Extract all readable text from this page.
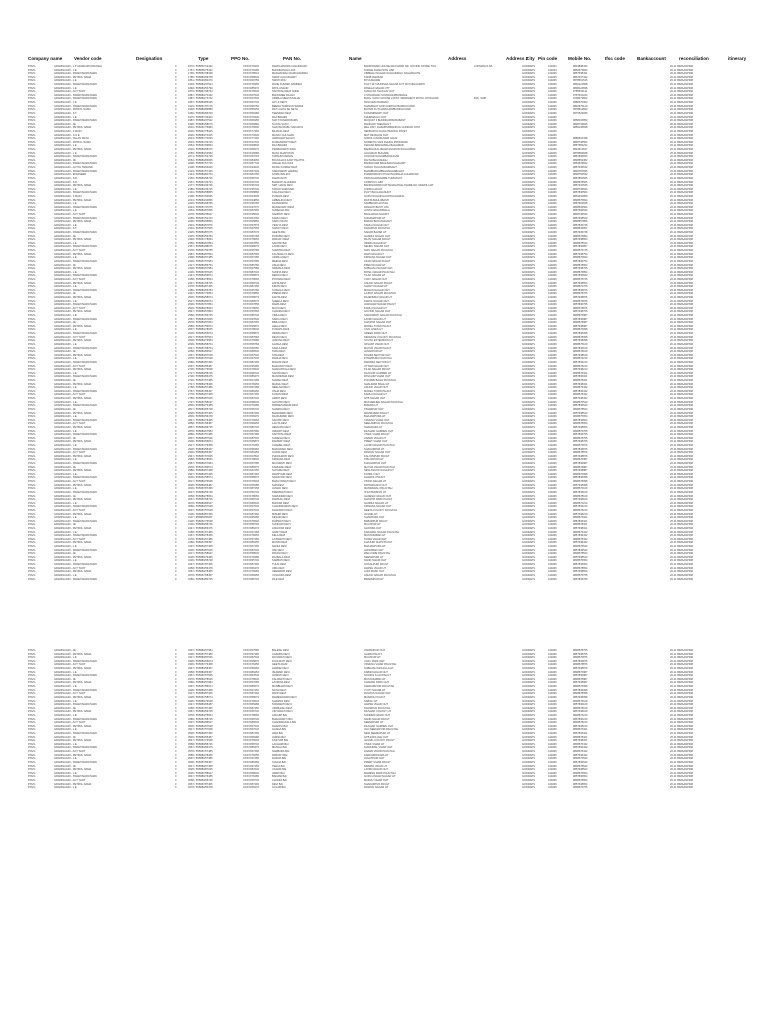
Company name	Vendor code	Designation	Type	PPO No.	PAN No.	Name	Address	Address 2
City Pin code Mobile No.	Ifsc code	Bankaccount	reconciliation	itinerary
PNVG	GRADINAGRI - L.P ADHIKARY(PANVEL)	F	1570 / 555857/13432	XXXXX7934X	RAMCHANDRA CHAUDHARY	BANDOWARI HOUSE,RAICHAND NR. GOVIND STORE TOLI	LOKMANYA NA	GODRAPS	410201	9834838430	20-11 BIMAANPRM
PNVG	GRADINAGRI - L.E	F	1757 / 555855/75432	XXXXX7648X	BHONDANGA LATA	SUDGE DHAM NITE HSP	GODRAPS	410204	9850573843	20-11 BIMAANPRM
PNVG	GRADINAGRI - SWAMI MARATHWA	F	1796 / 555857/38438	XXXXX7851X	MADHAVRAO RAMCHANDRA	VIRBHAU NAGAR GUHAUNDHU NAGARGUTE	GODRAPS	410205	9857538431	20-11 BIMAANPRM
PNVG	GRADINAGRI - PETROL NAMA	F	1785 / 555883/99758	XXXXX5853X	SWAP CHOUDHARY	KNOB RAMKAR	GODRAPS	410205	9857637432	20-11 BIMAANPRM
PNVG	GRADINAGRI - L.E	F	1861 / 555933/84373	XXXXX6975X	SWATI ROU	BYGUDAARE	GODRAPS	410205	9578561515	20-11 BIMAANPRM
PNVG	GRADINAGRI - SWAMI MARATHWA	F	1918 / 555884/37524	XXXXX7835X	RANE KUMARI NAMDEO	PLOT 447 MUNISHA NAGAR LOT NO.5 BHAGWATI	GODRAPS	410206	9830121808	20-11 BIMAANPRM
PNVG	GRADINAGRI - L.E	F	1848 / 555883/56790	XXXXX8537X	PATIL ANAND	PANELA NAGAR OTT	GODRAPS	410206	9838124838	20-11 BIMAANPRM
PNVG	GRADINAGRI - ACT THOT	F	1879 / 555857/38734	XXXXX7653X	SANTOSH DEVI ANDE	SUKHI RA THAKLAV OUT	GODRAPS	410206	9785633114	20-11 BIMAANPRM
PNVG	GRADINAGRI - SWAMI MARATHWA	F	1887 / 555883/73342	XXXXX6754X	BHOOMEE RAJAN	3 STRADHAN SUVIDHAN/BANDALE	GODRAPS	410206	9757615243	20-11 BIMAANPRM
PNVG	GRADINAGRI - SWAMI MARATHWA	F	1887 / 555883/73742	XXXXX6754X	URMILA MEHTA/SALVE	BLDG. DANVI HOUSE 2,DIST. SWADHENT MUTHI JAYNAGAR	BLK. SWP	GODRAPS	410206	9738473822	20-11 BIMAANPRM
PNVG	GRADINAGRI - L.E	F	1897 / 555883/85325	XXXXX6374X	LIPI JI KENT	NOH DHM RAMHAN	GODRAPS	410206	9880576363	20-11 BIMAANPRM
PNVG	GRADINAGRI - SWAMI MARATHWA	F	1915 / 555857/97175	XXXXX6575X	BEENA TURKSAN SWAMI	SHAMSHAT GOR GORPUA BANIKHUVARI	GODRAPS	410206	9832575143	20-11 BIMAANPRM
PNVG	GRADINAGRI - PATROL NAMA	F	1948 / 555883/86880	XXXXX5535X	RAT LALITA KE SETH	BOYER KUTCHNAGARI/BANIKHUVARI	GODRAPS	410206	9578514832	20-11 BIMAANPRM
PNVG	GRADINAGRI - S.T.	F	1966 / 555956/86760	XXXXX6648X	TEENRAN DEVI	KOSAMPARATI OHT	GODRAPS	410206	9570523936	20-11 BIMAANPRM
PNVG	GRADINAGRI - L.E	F	1975 / 555857/42463	XXXXX7633X	RAJ BIDHINI	KHURMAALO HOT	GODRAPS	410206	20-11 BIMAANPRM
PNVG	GRADINAGRI - SWAMI MARATHWA	F	1987 / 555883/37542	XXXXX6635X	SUKT KUMARI BAMS	MUQUAT 3 BHONDARISORABAST	GODRAPS	410206	9858015853	20-11 BIMAANPRM
PNVG	GRADINAGRI - JE	F	1996 / 555883/68676	XXXXX6686X	SUJITA SAXO	RANDARI THEMAUGT	GODRAPS	410206	9838733846	20-11 BIMAANPRM
PNVG	GRADINAGRI - PETROL NAMA	F	2016 / 555957/76983	XXXXX7653X	SHAYAM BABU SAKARYA	MEL DIST. DHAMPURBANKAG GUNDAR. DIST	GODRAPS	410206	9856135838	20-11 BIMAANPRM
PNVG	GRADINAGRI - F MAIN	F	2026 / 555957/78345	XXXXX7735X	BAJANG DEVI	SENDARYA FAUGUTEANCH PAVET	GODRAPS	410206	20-11 BIMAANPRM
PNVG	GRADINAGRI - S.O.E	F	2036 / 555883/74325	XXXXX7344X	MANJU GULSHAN	MAT RE BHUAI OHT	GODRAPS	410206	20-11 BIMAANPRM
PNVG	GRADINAGRI - TELAN MATH	F	2043 / 555857/74645	XXXXX7746X	VARDHAM SHALVI	GIDIOLI ANOKHVARI GALM	GODRAPS	410206	9885816438	20-11 BIMAANPRM
PNVG	GRADINAGRI - PATROL NAMA	F	2045 / 555957/33745	XXXXX3374X	DURGAWANTI DEVI	SOMENYA VANI DHUKH PMUNAGRI	GODRAPS	410206	9838736564	20-11 BIMAANPRM
PNVG	GRADINAGRI - L.E	F	2054 / 555957/69834	XXXXX6984X	RAJ BIDHINI	TEKANA BANGHBALI BAGHMAR	GODRAPS	410206	9857583232	20-11 BIMAANPRM
PNVG	GRADINAGRI - PETROL NAMA	F	2026 / 555883/68376	XXXXX6837X	PRABHAWATI SING	BANDHAKAL BHAM ANGRON SUGAUMAR	GODRAPS	410206	9834514637	20-11 BIMAANPRM
PNVG	GRADINAGRI - L.E	F	2065 / 555883/16583	XXXXX1658X	MANJ DHAPOTAN	GOLMAUD BUGARE	GODRAPS	410206	9878584848	20-11 BIMAANPRM
PNVG	GRADINAGRI - SWAMI MARATHWA	F	2071 / 555857/53746	XXXXX5374X	TABSUM FARHIN	ULNUAR NAGARBADAHGAR	GODRAPS	410206	9857836834	20-11 BIMAANPRM
PNVG	GRADINAGRI - JE	F	2084 / 555883/84655	XXXXX8465X	BOUCHAYA KANT PAHTTA	RAITH BHUANHGH	GODRAPS	410206	9838554382	20-11 BIMAANPRM
PNVG	GRADINAGRI - SWAMI MARATHWA	F	2098 / 555857/57745	XXXXX5774X	AWALE SULOCHI	BANDHUARI BAGHMAUNAHGART	GODRAPS	410206	9854578832	20-11 BIMAANPRM
PNVG	GRADINAGRI - ACTOL TEMAND	F	2108 / 555883/34646	XXXXX3464X	RATAN KUMAR DEVI	SUKHU THUAN BHIMSAHT	GODRAPS	410206	9857636632	20-11 BIMAANPRM
PNVG	GRADINAGRI - SWAMI MARATHWA	F	2123 / 555957/57436	XXXXX5743X	SARASWATI HAMDHI	BHAMBURAUBNGHMAHABAHAT	GODRAPS	410206	9836787845	20-11 BIMAANPRM
PNVG	GRADINAGRI - ENGINEER	F	2144 / 555883/84763	XXXXX8476X	SOMA WALIKO	PHARWARUPU PUANTHAMAHA GUHANKAR	GODRAPS	410206	9838753532	20-11 BIMAANPRM
PNVG	GRADINAGRI - S.R.	F	2155 / 555883/58735	XXXXX5873X	DAMAYANTI	PRAYAGARNAMDE TUMNAUKT	GODRAPS	410206	9857862565	20-11 BIMAANPRM
PNVG	GRADINAGRI - S.R.	F	2167 / 555957/26734	XXXXX2673X	BHARATI ALHUDDH	COMPOU LGBT	GODRAPS	410206	9838578565	20-11 BIMAANPRM
PNVG	GRADINAGRI - PETROL NAMA	F	2177 / 555883/36746	XXXXX3674X	SMT. HAVAI DEVI	BANDHOWARI DATTANAGATHE ASHRE NO. DHEPIL HAT	GODRAPS	410206	9857332545	20-11 BIMAANPRM
PNVG	GRADINAGRI - L.E	F	2189 / 555883/35745	XXXXX3574X	TARAN SAROVER	LODRA HAUGT	GODRAPS	410206	9838736834	20-11 BIMAANPRM
PNVG	GRADINAGRI - SWAMI MARATHWA	F	2194 / 555883/58865	XXXXX5886X	KAILASHI DEVI	PLOT BHULAHANHGT	GODRAPS	410206	9857836564	20-11 BIMAANPRM
PNVG	GRADINAGRI - F MAIN	F	2198 / 555957/64535	XXXXX6453X	PUSHPA DEVI	GURU NAGAR HAUNTHAGARHG	GODRAPS	410206	9854632858	20-11 BIMAANPRM
PNVG	GRADINAGRI - PETROL NAMA	F	2213 / 555883/34856	XXXXX3485X	AMBALIKA DEVI	RASTA BHULABASTI	GODRAPS	410206	9838575834	20-11 BIMAANPRM
PNVG	GRADINAGRI - L.E	F	2236 / 555883/98785	XXXXX9878X	RAJNANDINI	SAMBHAR HAUTAH	GODRAPS	410206	9857663845	20-11 BIMAANPRM
PNVG	GRADINAGRI - SWAMI MARATHWA	F	2243 / 555857/47675	XXXXX4767X	MANAKWATI DEVI	PANHATI BASTI HTA	GODRAPS	410206	9838532564	20-11 BIMAANPRM
PNVG	GRADINAGRI - L.E	F	2263 / 555883/87956	XXXXX8795X	SUREKHA BAI	JANTA NAGARIWALA	GODRAPS	410206	9857582534	20-11 BIMAANPRM
PNVG	GRADINAGRI - ACT THOT	F	2278 / 555883/35647	XXXXX3564X	SAMPATI DEVI	BAGHADHA NAGRIT	GODRAPS	410206	9838736534	20-11 BIMAANPRM
PNVG	GRADINAGRI - SWAMI MARATHWA	F	2285 / 555957/54763	XXXXX5476X	KAMLA DEVI	SUDAMAPURI HT	GODRAPS	410206	9857638543	20-11 BIMAANPRM
PNVG	GRADINAGRI - PETROL NAMA	F	2296 / 555883/65856	XXXXX6585X	SAROJ RANI	BARAH BHUANHGAHT	GODRAPS	410206	9838557856	20-11 BIMAANPRM
PNVG	GRADINAGRI - L.E	F	2304 / 555883/57876	XXXXX5787X	VIDHYA DEVI	KAMLA NAGAR OHT	GODRAPS	410206	9857836745	20-11 BIMAANPRM
PNVG	GRADINAGRI - S.T.	F	2316 / 555957/67565	XXXXX6756X	SHANTI DEVI	DHAMPUR PAUGTAH	GODRAPS	410206	9838546857	20-11 BIMAANPRM
PNVG	GRADINAGRI - SWAMI MARATHWA	F	2325 / 555883/87675	XXXXX8767X	GEETA BAI	SADAR BAZAR HT	GODRAPS	410206	9857635748	20-11 BIMAANPRM
PNVG	GRADINAGRI - JE	F	2335 / 555883/56784	XXXXX5678X	RUKMINI DEVI	GANDHI NAGAR OHT	GODRAPS	410206	9838576854	20-11 BIMAANPRM
PNVG	GRADINAGRI - PETROL NAMA	F	2348 / 555957/78654	XXXXX7865X	PARVATI DEVI	RAJIV NAGAR PAUGT	GODRAPS	410206	9857638653	20-11 BIMAANPRM
PNVG	GRADINAGRI - L.E	F	2356 / 555883/67854	XXXXX6785X	SAVITRI BAI	INDIRA NAGAR HT	GODRAPS	410206	9838578643	20-11 BIMAANPRM
PNVG	GRADINAGRI - SWAMI MARATHWA	F	2367 / 555883/98675	XXXXX9867X	LAXMI DEVI	NEHRU NAGAR OHT	GODRAPS	410206	9857836857	20-11 BIMAANPRM
PNVG	GRADINAGRI - ACT THOT	F	2378 / 555957/56785	XXXXX5678X	SUMITRA DEVI	SHIV NAGAR PAUGTAH	GODRAPS	410206	9838576745	20-11 BIMAANPRM
PNVG	GRADINAGRI - PETROL NAMA	F	2387 / 555883/87564	XXXXX8756X	KAUSHALYA DEVI	RAM NAGAR HT	GODRAPS	410206	9857638754	20-11 BIMAANPRM
PNVG	GRADINAGRI - L.E	F	2398 / 555883/67485	XXXXX6748X	URMILA DEVI	KRISHNA NAGAR OHT	GODRAPS	410206	9838576843	20-11 BIMAANPRM
PNVG	GRADINAGRI - SWAMI MARATHWA	F	2406 / 555957/57684	XXXXX5768X	MEENA DEVI	AZAD NAGAR PAUGT	GODRAPS	410206	9857836754	20-11 BIMAANPRM
PNVG	GRADINAGRI - JE	F	2417 / 555883/86754	XXXXX8675X	ASHA DEVI	PREM NAGAR HT	GODRAPS	410206	9838578654	20-11 BIMAANPRM
PNVG	GRADINAGRI - PETROL NAMA	F	2428 / 555883/67584	XXXXX6758X	NIRMALA DEVI	SUBHASH NAGAR OHT	GODRAPS	410206	9857638765	20-11 BIMAANPRM
PNVG	GRADINAGRI - L.E	F	2436 / 555957/87645	XXXXX8764X	SUNITA DEVI	PATEL NAGAR PAUGTAH	GODRAPS	410206	9838576854	20-11 BIMAANPRM
PNVG	GRADINAGRI - SWAMI MARATHWA	F	2447 / 555883/56874	XXXXX5687X	REKHA DEVI	TILAK NAGAR HT	GODRAPS	410206	9857836843	20-11 BIMAANPRM
PNVG	GRADINAGRI - ACT THOT	F	2458 / 555883/78564	XXXXX7856X	POONAM DEVI	VIJAY NAGAR OHT	GODRAPS	410206	9838578745	20-11 BIMAANPRM
PNVG	GRADINAGRI - PETROL NAMA	F	2467 / 555957/68745	XXXXX6874X	ANITA DEVI	ASHOK NAGAR PAUGT	GODRAPS	410206	9857638654	20-11 BIMAANPRM
PNVG	GRADINAGRI - L.E	F	2478 / 555883/87465	XXXXX8746X	KIRAN DEVI	SHANTI NAGAR HT	GODRAPS	410206	9838576765	20-11 BIMAANPRM
PNVG	GRADINAGRI - SWAMI MARATHWA	F	2486 / 555883/65784	XXXXX6578X	SUSHILA DEVI	MOHAN NAGAR OHT	GODRAPS	410206	9857836876	20-11 BIMAANPRM
PNVG	GRADINAGRI - JE	F	2497 / 555957/76854	XXXXX7685X	PREMA DEVI	LAJPAT NAGAR PAUGTAH	GODRAPS	410206	9838578765	20-11 BIMAANPRM
PNVG	GRADINAGRI - PETROL NAMA	F	2506 / 555883/58674	XXXXX5867X	KANTA DEVI	RAJENDRA NAGAR HT	GODRAPS	410206	9857638876	20-11 BIMAANPRM
PNVG	GRADINAGRI - L.E	F	2517 / 555883/86574	XXXXX8657X	SHEELA DEVI	KAROL NAGAR OHT	GODRAPS	410206	9838576876	20-11 BIMAANPRM
PNVG	GRADINAGRI - SWAMI MARATHWA	F	2528 / 555957/67854	XXXXX6785X	RAMA DEVI	JAWAHAR NAGAR PAUGT	GODRAPS	410206	9857836765	20-11 BIMAANPRM
PNVG	GRADINAGRI - ACT THOT	F	2536 / 555883/78654	XXXXX7865X	MAYA DEVI	KAMLA NAGAR HT	GODRAPS	410206	9838578876	20-11 BIMAANPRM
PNVG	GRADINAGRI - PETROL NAMA	F	2547 / 555883/57864	XXXXX5786X	CHANDA DEVI	GOVIND NAGAR OHT	GODRAPS	410206	9857638765	20-11 BIMAANPRM
PNVG	GRADINAGRI - L.E	F	2558 / 555957/86745	XXXXX8674X	VIMLA DEVI	SARASWATI NAGAR PAUGTAH	GODRAPS	410206	9838576987	20-11 BIMAANPRM
PNVG	GRADINAGRI - SWAMI MARATHWA	F	2567 / 555883/67845	XXXXX6784X	SAROJ DEVI	LAXMI NAGAR HT	GODRAPS	410206	9857836987	20-11 BIMAANPRM
PNVG	GRADINAGRI - JE	F	2578 / 555883/87654	XXXXX8765X	BIMLA DEVI	SHASTRI NAGAR OHT	GODRAPS	410206	9838578987	20-11 BIMAANPRM
PNVG	GRADINAGRI - PETROL NAMA	F	2586 / 555957/56874	XXXXX5687X	LEELA DEVI	MODEL TOWN PAUGT	GODRAPS	410206	9857638987	20-11 BIMAANPRM
PNVG	GRADINAGRI - L.E	F	2597 / 555883/78645	XXXXX7864X	PUSHPA RANI	CIVIL LINES HT	GODRAPS	410206	9838576098	20-11 BIMAANPRM
PNVG	GRADINAGRI - SWAMI MARATHWA	F	2606 / 555883/65874	XXXXX6587X	INDIRA DEVI	GREEN PARK OHT	GODRAPS	410206	9857836098	20-11 BIMAANPRM
PNVG	GRADINAGRI - ACT THOT	F	2617 / 555957/87564	XXXXX8756X	DEVKI DEVI	DEFENCE COLONY PAUGTAH	GODRAPS	410206	9838578098	20-11 BIMAANPRM
PNVG	GRADINAGRI - PETROL NAMA	F	2628 / 555883/76584	XXXXX7658X	JAMUNA DEVI	SOUTH EXTENSION HT	GODRAPS	410206	9857638098	20-11 BIMAANPRM
PNVG	GRADINAGRI - L.E	F	2636 / 555883/58764	XXXXX5876X	GANGA DEVI	VASANT VIHAR OHT	GODRAPS	410206	9838576109	20-11 BIMAANPRM
PNVG	GRADINAGRI - SWAMI MARATHWA	F	2647 / 555957/68754	XXXXX6875X	SARLA DEVI	MAYUR VIHAR PAUGT	GODRAPS	410206	9857836109	20-11 BIMAANPRM
PNVG	GRADINAGRI - JE	F	2658 / 555883/86547	XXXXX8654X	TARA DEVI	JANAKPURI HT	GODRAPS	410206	9838578109	20-11 BIMAANPRM
PNVG	GRADINAGRI - PETROL NAMA	F	2667 / 555883/67548	XXXXX6754X	SITA DEVI	ROHINI SECTOR OHT	GODRAPS	410206	9857638109	20-11 BIMAANPRM
PNVG	GRADINAGRI - L.E	F	2678 / 555957/57648	XXXXX5764X	RADHA DEVI	PITAMPURA PAUGTAH	GODRAPS	410206	9838576210	20-11 BIMAANPRM
PNVG	GRADINAGRI - SWAMI MARATHWA	F	2686 / 555883/87456	XXXXX8745X	MOHINI DEVI	DWARKA SECTOR HT	GODRAPS	410206	9857836210	20-11 BIMAANPRM
PNVG	GRADINAGRI - ACT THOT	F	2697 / 555883/65487	XXXXX6548X	BHAGWATI DEVI	UTTAM NAGAR OHT	GODRAPS	410206	9838578210	20-11 BIMAANPRM
PNVG	GRADINAGRI - PETROL NAMA	F	2706 / 555957/76548	XXXXX7654X	SHAKUNTALA DEVI	TILAK NAGAR PAUGT	GODRAPS	410206	9857638210	20-11 BIMAANPRM
PNVG	GRADINAGRI - L.E	F	2717 / 555883/58746	XXXXX5874X	SAVITA DEVI	RAJOURI GARDEN HT	GODRAPS	410206	9838576321	20-11 BIMAANPRM
PNVG	GRADINAGRI - SWAMI MARATHWA	F	2728 / 555883/86475	XXXXX8647X	MANORAMA DEVI	PASCHIM VIHAR OHT	GODRAPS	410206	9857836321	20-11 BIMAANPRM
PNVG	GRADINAGRI - JE	F	2736 / 555957/67485	XXXXX6748X	SUMAN DEVI	PUNJABI BAGH PAUGTAH	GODRAPS	410206	9838578321	20-11 BIMAANPRM
PNVG	GRADINAGRI - PETROL NAMA	F	2747 / 555883/78456	XXXXX7845X	MADHU DEVI	SHALIMAR BAGH HT	GODRAPS	410206	9857638321	20-11 BIMAANPRM
PNVG	GRADINAGRI - L.E	F	2758 / 555883/57486	XXXXX5748X	NEELAM DEVI	ASHOK VIHAR OHT	GODRAPS	410206	9838576432	20-11 BIMAANPRM
PNVG	GRADINAGRI - SWAMI MARATHWA	F	2767 / 555957/86457	XXXXX8645X	USHA DEVI	MODEL TOWN PAUGT	GODRAPS	410206	9857836432	20-11 BIMAANPRM
PNVG	GRADINAGRI - ACT THOT	F	2778 / 555883/67458	XXXXX6745X	KUSUM DEVI	KAMLA NAGAR HT	GODRAPS	410206	9838578432	20-11 BIMAANPRM
PNVG	GRADINAGRI - PETROL NAMA	F	2786 / 555883/87645	XXXXX8764X	AMRIT DEVI	GTB NAGAR OHT	GODRAPS	410206	9857638432	20-11 BIMAANPRM
PNVG	GRADINAGRI - L.E	F	2797 / 555957/58647	XXXXX5864X	GAYATRI DEVI	MUKHERJEE NAGAR PAUGTAH	GODRAPS	410206	9838576543	20-11 BIMAANPRM
PNVG	GRADINAGRI - SWAMI MARATHWA	F	2806 / 555883/76485	XXXXX7648X	PARMESHWARI DEVI	BURARI HT	GODRAPS	410206	9857836543	20-11 BIMAANPRM
PNVG	GRADINAGRI - JE	F	2817 / 555883/65748	XXXXX6574X	SHARDA DEVI	TIMARPUR OHT	GODRAPS	410206	9838578543	20-11 BIMAANPRM
PNVG	GRADINAGRI - PETROL NAMA	F	2828 / 555957/87465	XXXXX8746X	BHANWARI DEVI	WAZIRABAD PAUGT	GODRAPS	410206	9857638543	20-11 BIMAANPRM
PNVG	GRADINAGRI - L.E	F	2836 / 555883/56478	XXXXX5647X	RAJKUMARI DEVI	BHAJANPURA HT	GODRAPS	410206	9838576654	20-11 BIMAANPRM
PNVG	GRADINAGRI - SWAMI MARATHWA	F	2847 / 555883/78465	XXXXX7846X	SAVITRI DEVI	YAMUNA VIHAR OHT	GODRAPS	410206	9857836654	20-11 BIMAANPRM
PNVG	GRADINAGRI - ACT THOT	F	2858 / 555957/68457	XXXXX6845X	LALITA DEVI	SEELAMPUR PAUGTAH	GODRAPS	410206	9838578654	20-11 BIMAANPRM
PNVG	GRADINAGRI - PETROL NAMA	F	2867 / 555883/86745	XXXXX8674X	HEMLATA DEVI	SHAHDARA HT	GODRAPS	410206	9857638654	20-11 BIMAANPRM
PNVG	GRADINAGRI - L.E	F	2878 / 555883/67584	XXXXX6758X	OMWATI DEVI	DILSHAD GARDEN OHT	GODRAPS	410206	9838576765	20-11 BIMAANPRM
PNVG	GRADINAGRI - SWAMI MARATHWA	F	2886 / 555957/57486	XXXXX5748X	SANTOSH DEVI	VIVEK VIHAR PAUGT	GODRAPS	410206	9857836765	20-11 BIMAANPRM
PNVG	GRADINAGRI - JE	F	2897 / 555883/87546	XXXXX8754X	SUDESH DEVI	ANAND VIHAR HT	GODRAPS	410206	9838578765	20-11 BIMAANPRM
PNVG	GRADINAGRI - PETROL NAMA	F	2906 / 555883/65874	XXXXX6587X	RAMRATI DEVI	PREET VIHAR OHT	GODRAPS	410206	9857638765	20-11 BIMAANPRM
PNVG	GRADINAGRI - L.E	F	2917 / 555957/76458	XXXXX7645X	CHAMELI DEVI	LAXMI NAGAR PAUGTAH	GODRAPS	410206	9838576876	20-11 BIMAANPRM
PNVG	GRADINAGRI - SWAMI MARATHWA	F	2928 / 555883/58467	XXXXX5846X	BHAGWANI DEVI	SHAKARPUR HT	GODRAPS	410206	9857836876	20-11 BIMAANPRM
PNVG	GRADINAGRI - ACT THOT	F	2936 / 555883/86457	XXXXX8645X	GUDDI DEVI	PANDAV NAGAR OHT	GODRAPS	410206	9838578876	20-11 BIMAANPRM
PNVG	GRADINAGRI - PETROL NAMA	F	2947 / 555957/67845	XXXXX6784X	PHOOLWATI DEVI	KALYANPURI PAUGT	GODRAPS	410206	9857638876	20-11 BIMAANPRM
PNVG	GRADINAGRI - L.E	F	2958 / 555883/78546	XXXXX7854X	KRISHNA DEVI	TRILOKPURI HT	GODRAPS	410206	9838576987	20-11 BIMAANPRM
PNVG	GRADINAGRI - SWAMI MARATHWA	F	2967 / 555883/57684	XXXXX5768X	MAYAWATI DEVI	KHICHRIPUR OHT	GODRAPS	410206	9857836987	20-11 BIMAANPRM
PNVG	GRADINAGRI - JE	F	2978 / 555957/86574	XXXXX8657X	KAMLESH DEVI	MAYUR VIHAR PAUGTAH	GODRAPS	410206	9838578987	20-11 BIMAANPRM
PNVG	GRADINAGRI - PETROL NAMA	F	2986 / 555883/67458	XXXXX6745X	SHYAMA DEVI	NEW ASHOK NAGAR HT	GODRAPS	410206	9857638987	20-11 BIMAANPRM
PNVG	GRADINAGRI - L.E	F	2997 / 555883/87465	XXXXX8746X	RAMPYARI DEVI	KONDLI OHT	GODRAPS	410206	9838576098	20-11 BIMAANPRM
PNVG	GRADINAGRI - SWAMI MARATHWA	F	3006 / 555957/58674	XXXXX5867X	NARAYANI DEVI	GHAROLI PAUGT	GODRAPS	410206	9857836098	20-11 BIMAANPRM
PNVG	GRADINAGRI - ACT THOT	F	3017 / 555883/76548	XXXXX7654X	BHAGYAWATI DEVI	VINOD NAGAR HT	GODRAPS	410206	9838578098	20-11 BIMAANPRM
PNVG	GRADINAGRI - PETROL NAMA	F	3028 / 555883/65487	XXXXX6548X	SHIVDEVI	PATPARGANJ OHT	GODRAPS	410206	9857638098	20-11 BIMAANPRM
PNVG	GRADINAGRI - L.E	F	3036 / 555957/87456	XXXXX8745X	JANAKI DEVI	MANDAWALI PAUGTAH	GODRAPS	410206	9838576109	20-11 BIMAANPRM
PNVG	GRADINAGRI - SWAMI MARATHWA	F	3047 / 555883/56748	XXXXX5674X	PREMWATI DEVI	IP EXTENSION HT	GODRAPS	410206	9857836109	20-11 BIMAANPRM
PNVG	GRADINAGRI - JE	F	3058 / 555883/78654	XXXXX7865X	SAMUNDRI DEVI	GANESH NAGAR OHT	GODRAPS	410206	9838578109	20-11 BIMAANPRM
PNVG	GRADINAGRI - PETROL NAMA	F	3067 / 555957/68745	XXXXX6874X	RAMKALI DEVI	SHASTRI PARK PAUGT	GODRAPS	410206	9857638109	20-11 BIMAANPRM
PNVG	GRADINAGRI - L.E	F	3078 / 555883/86547	XXXXX8654X	BHOORI DEVI	GANDHI NAGAR HT	GODRAPS	410206	9838576210	20-11 BIMAANPRM
PNVG	GRADINAGRI - SWAMI MARATHWA	F	3086 / 555883/67548	XXXXX6754X	CHANDRAWATI DEVI	KRISHNA NAGAR OHT	GODRAPS	410206	9857836210	20-11 BIMAANPRM
PNVG	GRADINAGRI - ACT THOT	F	3097 / 555957/57648	XXXXX5764X	DHANWATI DEVI	GEETA COLONY PAUGTAH	GODRAPS	410206	9838578210	20-11 BIMAANPRM
PNVG	GRADINAGRI - PETROL NAMA	F	3106 / 555883/87456	XXXXX8745X	MISHRI DEVI	JHILMIL HT	GODRAPS	410206	9857638210	20-11 BIMAANPRM
PNVG	GRADINAGRI - L.E	F	3117 / 555883/65487	XXXXX6548X	KESAR DEVI	SHAHDARA OHT	GODRAPS	410206	9838576321	20-11 BIMAANPRM
PNVG	GRADINAGRI - SWAMI MARATHWA	F	3128 / 555957/76548	XXXXX7654X	RUPWATI DEVI	BABARPUR PAUGT	GODRAPS	410206	9857836321	20-11 BIMAANPRM
PNVG	GRADINAGRI - JE	F	3136 / 555883/58746	XXXXX5874X	SUNDARI DEVI	MAUJPUR HT	GODRAPS	410206	9838578321	20-11 BIMAANPRM
PNVG	GRADINAGRI - PETROL NAMA	F	3147 / 555883/86475	XXXXX8647X	ANGOORI DEVI	GHONDA OHT	GODRAPS	410206	9857638321	20-11 BIMAANPRM
PNVG	GRADINAGRI - L.E	F	3158 / 555957/67485	XXXXX6748X	GOMTI DEVI	KARAWAL NAGAR PAUGTAH	GODRAPS	410206	9838576432	20-11 BIMAANPRM
PNVG	GRADINAGRI - SWAMI MARATHWA	F	3167 / 555883/78456	XXXXX7845X	KELA DEVI	MUSTAFABAD HT	GODRAPS	410206	9857836432	20-11 BIMAANPRM
PNVG	GRADINAGRI - ACT THOT	F	3178 / 555883/57486	XXXXX5748X	LAJWANTI DEVI	SONIA VIHAR OHT	GODRAPS	410206	9838578432	20-11 BIMAANPRM
PNVG	GRADINAGRI - PETROL NAMA	F	3186 / 555957/86457	XXXXX8645X	MUNNI DEVI	KHAJURI KHAS PAUGT	GODRAPS	410206	9857638432	20-11 BIMAANPRM
PNVG	GRADINAGRI - L.E	F	3197 / 555883/67458	XXXXX6745X	NANHI DEVI	BHAJANPURA HT	GODRAPS	410206	9838576543	20-11 BIMAANPRM
PNVG	GRADINAGRI - SWAMI MARATHWA	F	3206 / 555883/87645	XXXXX8764X	OMI DEVI	JAFRABAD OHT	GODRAPS	410206	9857836543	20-11 BIMAANPRM
PNVG	GRADINAGRI - JE	F	3217 / 555957/58647	XXXXX5864X	PATASI DEVI	WELCOME PAUGTAH	GODRAPS	410206	9838578543	20-11 BIMAANPRM
PNVG	GRADINAGRI - PETROL NAMA	F	3228 / 555883/76485	XXXXX7648X	RAJBALA DEVI	SEEMAPURI HT	GODRAPS	410206	9857638543	20-11 BIMAANPRM
PNVG	GRADINAGRI - L.E	F	3236 / 555883/65748	XXXXX6574X	SARBATI DEVI	NAND NAGRI OHT	GODRAPS	410206	9838576654	20-11 BIMAANPRM
PNVG	GRADINAGRI - SWAMI MARATHWA	F	3247 / 555957/87465	XXXXX8746X	TULSI DEVI	GOKALPURI PAUGT	GODRAPS	410206	9857836654	20-11 BIMAANPRM
PNVG	GRADINAGRI - ACT THOT	F	3258 / 555883/56478	XXXXX5647X	UMA DEVI	HARSH VIHAR HT	GODRAPS	410206	9838578654	20-11 BIMAANPRM
PNVG	GRADINAGRI - PETROL NAMA	F	3267 / 555883/78465	XXXXX7846X	VEERWATI DEVI	LONI ROAD OHT	GODRAPS	410206	9857638654	20-11 BIMAANPRM
PNVG	GRADINAGRI - L.E	F	3278 / 555957/68457	XXXXX6845X	YASHODA DEVI	ASHOK NAGAR PAUGTAH	GODRAPS	410206	9838576765	20-11 BIMAANPRM
PNVG	GRADINAGRI - SWAMI MARATHWA	F	3286 / 555883/86745	XXXXX8674X	ZILE DEVI	BRAHMPURI HT	GODRAPS	410206	9857836765	20-11 BIMAANPRM
PNVG	GRADINAGRI - JE	F	3297 / 555883/67584	XXXXX6758X	BALESH DEVI	USMANPUR OHT	GODRAPS	410206	9838578765	20-11 BIMAANPRM
PNVG	GRADINAGRI - PETROL NAMA	F	3306 / 555957/57486	XXXXX5748X	CHAMPA DEVI	GAMRI PAUGT	GODRAPS	410206	9857638765	20-11 BIMAANPRM
PNVG	GRADINAGRI - L.E	F	3317 / 555883/87546	XXXXX8754X	DAYAWATI DEVI	MAUJPUR HT	GODRAPS	410206	9838576876	20-11 BIMAANPRM
PNVG	GRADINAGRI - SWAMI MARATHWA	F	3328 / 555883/65874	XXXXX6587X	FOOLMATI DEVI	VIJAY PARK OHT	GODRAPS	410206	9857836876	20-11 BIMAANPRM
PNVG	GRADINAGRI - ACT THOT	F	3336 / 555957/76458	XXXXX7645X	GEETA RANI	YAMUNA VIHAR PAUGTAH	GODRAPS	410206	9838578876	20-11 BIMAANPRM
PNVG	GRADINAGRI - PETROL NAMA	F	3347 / 555883/58467	XXXXX5846X	HARDEI DEVI	SUBHASH MOHALLA HT	GODRAPS	410206	9857638876	20-11 BIMAANPRM
PNVG	GRADINAGRI - L.E	F	3358 / 555883/86457	XXXXX8645X	ISHWARI DEVI	KABIR NAGAR OHT	GODRAPS	410206	9838576987	20-11 BIMAANPRM
PNVG	GRADINAGRI - SWAMI MARATHWA	F	3367 / 555957/67845	XXXXX6784X	JAIWATI DEVI	NOOR E ILAHI PAUGT	GODRAPS	410206	9857836987	20-11 BIMAANPRM
PNVG	GRADINAGRI - JE	F	3378 / 555883/78546	XXXXX7854X	KALAWATI DEVI	MUSTAFABAD HT	GODRAPS	410206	9838578987	20-11 BIMAANPRM
PNVG	GRADINAGRI - PETROL NAMA	F	3386 / 555883/57684	XXXXX5768X	LAXMINA DEVI	CHAMAN PARK OHT	GODRAPS	410206	9857638987	20-11 BIMAANPRM
PNVG	GRADINAGRI - L.E	F	3397 / 555957/86574	XXXXX8657X	MANBHARI DEVI	KARDAMPURI PAUGTAH	GODRAPS	410206	9838576098	20-11 BIMAANPRM
PNVG	GRADINAGRI - SWAMI MARATHWA	F	3406 / 555883/67458	XXXXX6745X	NATHI DEVI	JYOTI NAGAR HT	GODRAPS	410206	9857836098	20-11 BIMAANPRM
PNVG	GRADINAGRI - ACT THOT	F	3417 / 555883/87465	XXXXX8746X	PAPPI DEVI	ROHTAS NAGAR OHT	GODRAPS	410206	9838578098	20-11 BIMAANPRM
PNVG	GRADINAGRI - PETROL NAMA	F	3428 / 555957/58674	XXXXX5867X	RAMESHWARI DEVI	MANDOLI PAUGT	GODRAPS	410206	9857638098	20-11 BIMAANPRM
PNVG	GRADINAGRI - L.E	F	3436 / 555883/76548	XXXXX7654X	SHANNO DEVI	SABOLI HT	GODRAPS	410206	9838576109	20-11 BIMAANPRM
PNVG	GRADINAGRI - SWAMI MARATHWA	F	3447 / 555883/65487	XXXXX6548X	TARAWATI DEVI	HARSH VIHAR OHT	GODRAPS	410206	9857836109	20-11 BIMAANPRM
PNVG	GRADINAGRI - JE	F	3458 / 555957/87456	XXXXX8745X	URMILESH DEVI	TAHIRPUR PAUGTAH	GODRAPS	410206	9838578109	20-11 BIMAANPRM
PNVG	GRADINAGRI - PETROL NAMA	F	3467 / 555883/56748	XXXXX5674X	VIDYAWATI DEVI	DILSHAD COLONY HT	GODRAPS	410206	9857638109	20-11 BIMAANPRM
PNVG	GRADINAGRI - L.E	F	3478 / 555883/78654	XXXXX7865X	ANGURI BAI	SUNDER NAGRI OHT	GODRAPS	410206	9838576210	20-11 BIMAANPRM
PNVG	GRADINAGRI - SWAMI MARATHWA	F	3486 / 555957/68745	XXXXX6874X	BHAGWANTI BAI	NAND NAGRI PAUGT	GODRAPS	410206	9857836210	20-11 BIMAANPRM
PNVG	GRADINAGRI - ACT THOT	F	3497 / 555883/86547	XXXXX8654X	CHANDRAKALA BAI	SEEMAPURI HT	GODRAPS	410206	9838578210	20-11 BIMAANPRM
PNVG	GRADINAGRI - PETROL NAMA	F	3506 / 555883/67548	XXXXX6754X	DHAPPU BAI	DILSHAD GARDEN OHT	GODRAPS	410206	9857638210	20-11 BIMAANPRM
PNVG	GRADINAGRI - L.E	F	3517 / 555957/57648	XXXXX5764X	GANGA BAI	OLD SEEMAPURI PAUGTAH	GODRAPS	410206	9838576321	20-11 BIMAANPRM
PNVG	GRADINAGRI - SWAMI MARATHWA	F	3528 / 555883/87456	XXXXX8745X	HIRA BAI	NEW SEEMAPURI HT	GODRAPS	410206	9857836321	20-11 BIMAANPRM
PNVG	GRADINAGRI - JE	F	3536 / 555883/65487	XXXXX6548X	JAMNA BAI	GTB ENCLAVE OHT	GODRAPS	410206	9838578321	20-11 BIMAANPRM
PNVG	GRADINAGRI - PETROL NAMA	F	3547 / 555957/76548	XXXXX7654X	KASTURI BAI	JHILMIL COLONY PAUGT	GODRAPS	410206	9857638321	20-11 BIMAANPRM
PNVG	GRADINAGRI - L.E	F	3558 / 555883/58746	XXXXX5874X	LACHHMI BAI	VIVEK VIHAR HT	GODRAPS	410206	9838576432	20-11 BIMAANPRM
PNVG	GRADINAGRI - SWAMI MARATHWA	F	3567 / 555883/86475	XXXXX8647X	MANGLI BAI	SURAJMAL VIHAR OHT	GODRAPS	410206	9857836432	20-11 BIMAANPRM
PNVG	GRADINAGRI - ACT THOT	F	3578 / 555957/67485	XXXXX6748X	NARBADA BAI	ANAND VIHAR PAUGTAH	GODRAPS	410206	9838578432	20-11 BIMAANPRM
PNVG	GRADINAGRI - PETROL NAMA	F	3586 / 555883/78456	XXXXX7845X	PARVATI BAI	KARKARDOOMA HT	GODRAPS	410206	9857638432	20-11 BIMAANPRM
PNVG	GRADINAGRI - L.E	F	3597 / 555883/57486	XXXXX5748X	RUKMA BAI	JAGATPURI OHT	GODRAPS	410206	9838576543	20-11 BIMAANPRM
PNVG	GRADINAGRI - SWAMI MARATHWA	F	3606 / 555957/86457	XXXXX8645X	SUGNA BAI	PREET VIHAR PAUGT	GODRAPS	410206	9857836543	20-11 BIMAANPRM
PNVG	GRADINAGRI - JE	F	3617 / 555883/67458	XXXXX6745X	TEEJA BAI	NIRMAN VIHAR HT	GODRAPS	410206	9838578543	20-11 BIMAANPRM
PNVG	GRADINAGRI - PETROL NAMA	F	3628 / 555883/87645	XXXXX8764X	UGAMA BAI	LAXMI NAGAR OHT	GODRAPS	410206	9857638543	20-11 BIMAANPRM
PNVG	GRADINAGRI - L.E	F	3636 / 555957/58647	XXXXX5864X	VARDI BAI	RAMESH PARK PAUGTAH	GODRAPS	410206	9838576654	20-11 BIMAANPRM
PNVG	GRADINAGRI - SWAMI MARATHWA	F	3647 / 555883/76485	XXXXX7648X	BADAMI BAI	GURU ANGAD NAGAR HT	GODRAPS	410206	9857836654	20-11 BIMAANPRM
PNVG	GRADINAGRI - ACT THOT	F	3658 / 555883/65748	XXXXX6574X	CHUNNI BAI	MADHU VIHAR OHT	GODRAPS	410206	9838578654	20-11 BIMAANPRM
PNVG	GRADINAGRI - PETROL NAMA	F	3667 / 555957/87465	XXXXX8746X	DEVI BAI	SHAKARPUR PAUGT	GODRAPS	410206	9857638654	20-11 BIMAANPRM
PNVG	GRADINAGRI - L.E	F	3678 / 555883/56478	XXXXX5647X	GULAB BAI	PANDAV NAGAR HT	GODRAPS	410206	9838576765	20-11 BIMAANPRM
